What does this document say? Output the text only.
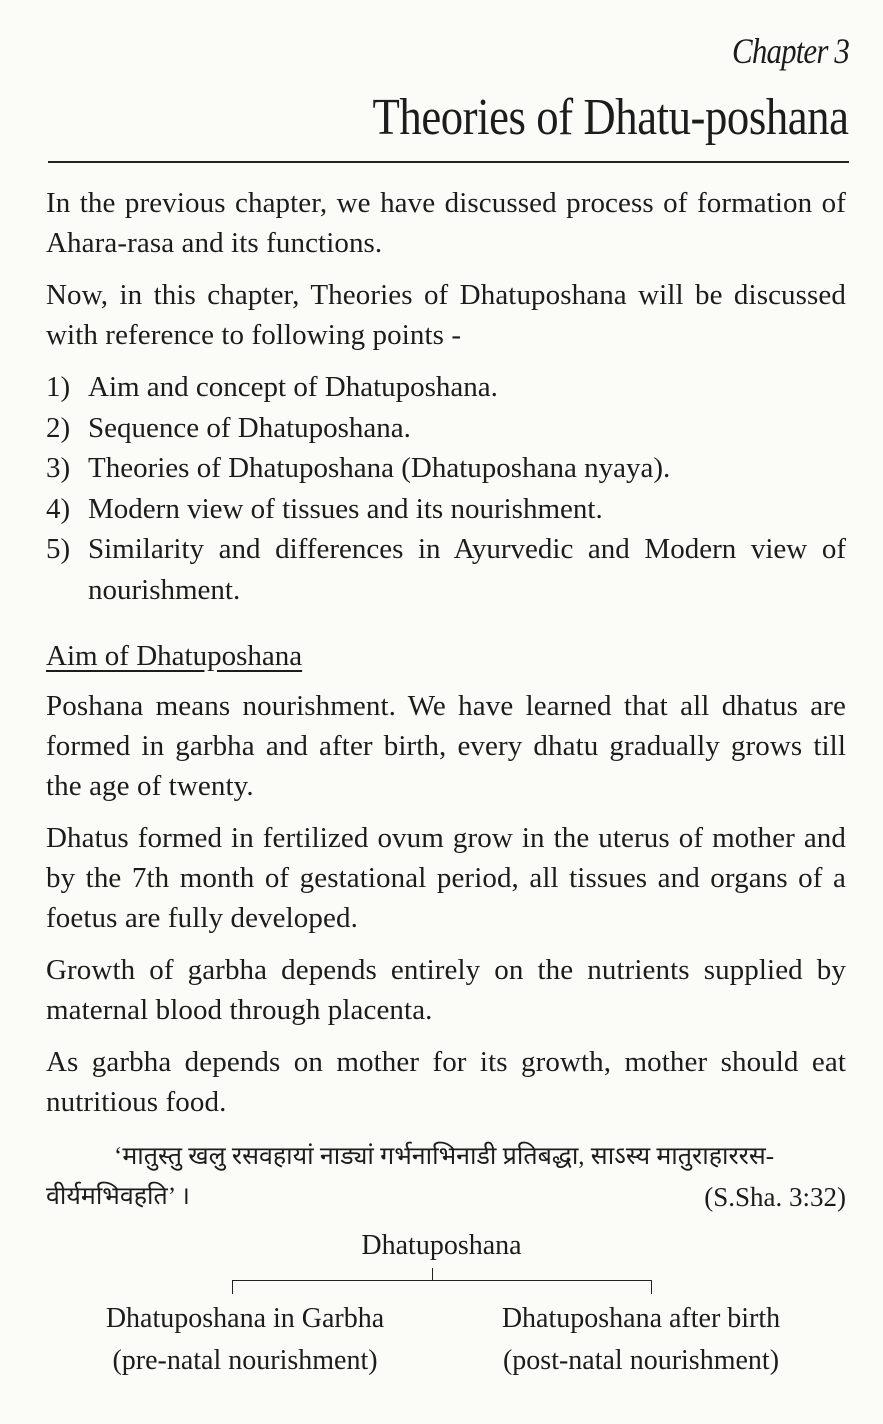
Chapter 3
Theories of Dhatu-poshana

In the previous chapter, we have discussed process of formation of Ahara-rasa and its functions.

Now, in this chapter, Theories of Dhatuposhana will be discussed with reference to following points -

1) Aim and concept of Dhatuposhana.
2) Sequence of Dhatuposhana.
3) Theories of Dhatuposhana (Dhatuposhana nyaya).
4) Modern view of tissues and its nourishment.
5) Similarity and differences in Ayurvedic and Modern view of nourishment.
Aim of Dhatuposhana

Poshana means nourishment. We have learned that all dhatus are formed in garbha and after birth, every dhatu gradually grows till the age of twenty.

Dhatus formed in fertilized ovum grow in the uterus of mother and by the 7th month of gestational period, all tissues and organs of a foetus are fully developed.

Growth of garbha depends entirely on the nutrients supplied by maternal blood through placenta.

As garbha depends on mother for its growth, mother should eat nutritious food.

‘मातुस्तु खलु रसवहायां नाड्यां गर्भनाभिनाडी प्रतिबद्धा, साऽस्य मातुराहाररस-
वीर्यमभिवहति’ ।	(S.Sha. 3:32)
Dhatuposhana
Dhatuposhana in Garbha
(pre-natal nourishment)
Dhatuposhana after birth
(post-natal nourishment)
